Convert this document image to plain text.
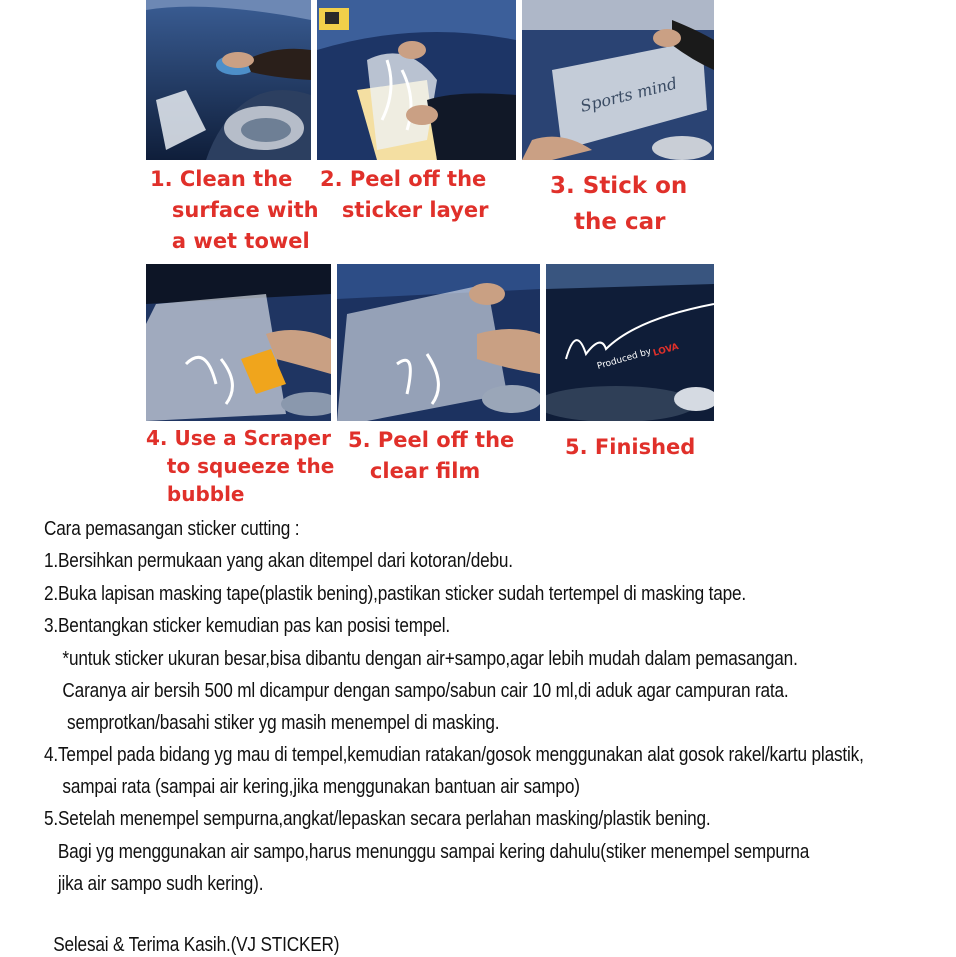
Sports mind
1. Clean the
surface with
a wet towel
2. Peel off the
sticker layer
3. Stick on
the car
Produced by LOVA
4. Use a Scraper
to squeeze the
bubble
5. Peel off the
clear film
5. Finished
Cara pemasangan sticker cutting :
1.Bersihkan permukaan yang akan ditempel dari kotoran/debu.
2.Buka lapisan masking tape(plastik bening),pastikan sticker sudah tertempel di masking tape.
3.Bentangkan sticker kemudian pas kan posisi tempel.
*untuk sticker ukuran besar,bisa dibantu dengan air+sampo,agar lebih mudah dalam pemasangan.
Caranya air bersih 500 ml dicampur dengan sampo/sabun cair 10 ml,di aduk agar campuran rata.
semprotkan/basahi stiker yg masih menempel di masking.
4.Tempel pada bidang yg mau di tempel,kemudian ratakan/gosok menggunakan alat gosok rakel/kartu plastik,
sampai rata (sampai air kering,jika menggunakan bantuan air sampo)
5.Setelah menempel sempurna,angkat/lepaskan secara perlahan masking/plastik bening.
Bagi yg menggunakan air sampo,harus menunggu sampai kering dahulu(stiker menempel sempurna
jika air sampo sudh kering).
Selesai & Terima Kasih.(VJ STICKER)
